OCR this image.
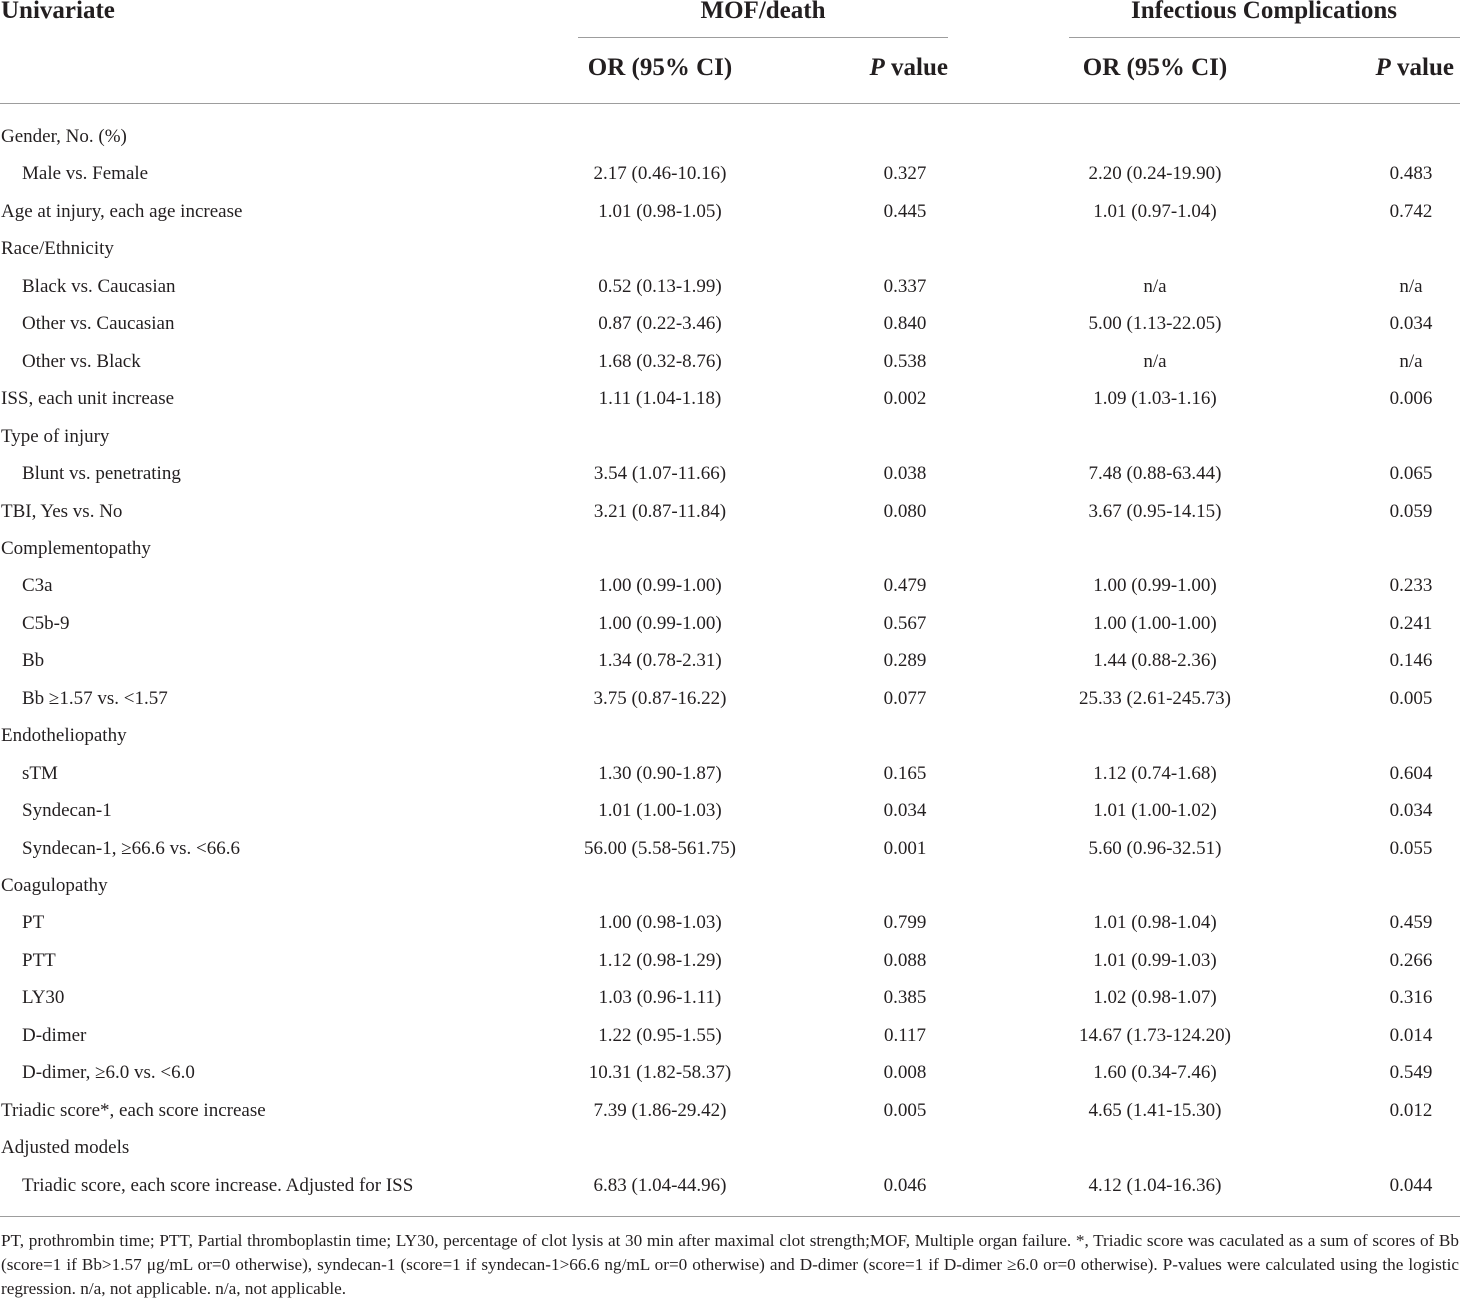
Univariate	MOF/death	Infectious Complications
OR (95% CI)	P value	OR (95% CI)	P value
Gender, No. (%)
Male vs. Female	2.17 (0.46-10.16)	0.327	2.20 (0.24-19.90)	0.483
Age at injury, each age increase	1.01 (0.98-1.05)	0.445	1.01 (0.97-1.04)	0.742
Race/Ethnicity
Black vs. Caucasian	0.52 (0.13-1.99)	0.337	n/a	n/a
Other vs. Caucasian	0.87 (0.22-3.46)	0.840	5.00 (1.13-22.05)	0.034
Other vs. Black	1.68 (0.32-8.76)	0.538	n/a	n/a
ISS, each unit increase	1.11 (1.04-1.18)	0.002	1.09 (1.03-1.16)	0.006
Type of injury
Blunt vs. penetrating	3.54 (1.07-11.66)	0.038	7.48 (0.88-63.44)	0.065
TBI, Yes vs. No	3.21 (0.87-11.84)	0.080	3.67 (0.95-14.15)	0.059
Complementopathy
C3a	1.00 (0.99-1.00)	0.479	1.00 (0.99-1.00)	0.233
C5b-9	1.00 (0.99-1.00)	0.567	1.00 (1.00-1.00)	0.241
Bb	1.34 (0.78-2.31)	0.289	1.44 (0.88-2.36)	0.146
Bb ≥1.57 vs. <1.57	3.75 (0.87-16.22)	0.077	25.33 (2.61-245.73)	0.005
Endotheliopathy
sTM	1.30 (0.90-1.87)	0.165	1.12 (0.74-1.68)	0.604
Syndecan-1	1.01 (1.00-1.03)	0.034	1.01 (1.00-1.02)	0.034
Syndecan-1, ≥66.6 vs. <66.6	56.00 (5.58-561.75)	0.001	5.60 (0.96-32.51)	0.055
Coagulopathy
PT	1.00 (0.98-1.03)	0.799	1.01 (0.98-1.04)	0.459
PTT	1.12 (0.98-1.29)	0.088	1.01 (0.99-1.03)	0.266
LY30	1.03 (0.96-1.11)	0.385	1.02 (0.98-1.07)	0.316
D-dimer	1.22 (0.95-1.55)	0.117	14.67 (1.73-124.20)	0.014
D-dimer, ≥6.0 vs. <6.0	10.31 (1.82-58.37)	0.008	1.60 (0.34-7.46)	0.549
Triadic score*, each score increase	7.39 (1.86-29.42)	0.005	4.65 (1.41-15.30)	0.012
Adjusted models
Triadic score, each score increase. Adjusted for ISS	6.83 (1.04-44.96)	0.046	4.12 (1.04-16.36)	0.044
PT, prothrombin time; PTT, Partial thromboplastin time; LY30, percentage of clot lysis at 30 min after maximal clot strength;MOF, Multiple organ failure. *, Triadic score was caculated as a sum of scores of Bb (score=1 if Bb>1.57 μg/mL or=0 otherwise), syndecan-1 (score=1 if syndecan-1>66.6 ng/mL or=0 otherwise) and D-dimer (score=1 if D-dimer ≥6.0 or=0 otherwise). P-values were calculated using the logistic regression. n/a, not applicable. n/a, not applicable.
